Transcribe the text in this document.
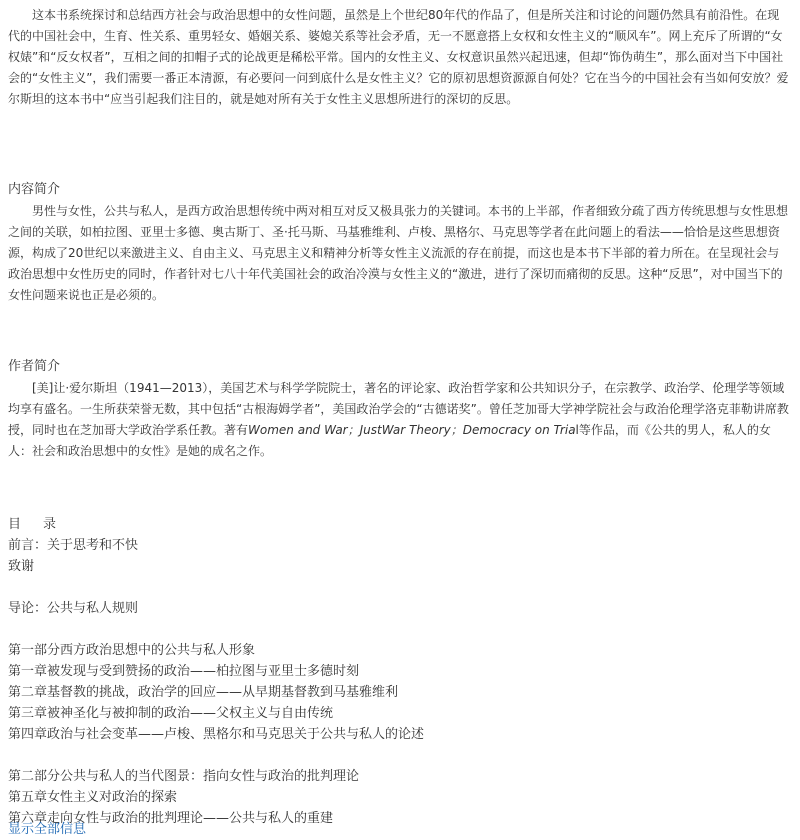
这本书系统探讨和总结西方社会与政治思想中的女性问题，虽然是上个世纪80年代的作品了，但是所关注和讨论的问题仍然具有前沿性。在现代的中国社会中，生育、性关系、重男轻女、婚姻关系、婆媳关系等社会矛盾，无一不愿意搭上女权和女性主义的“顺风车”。网上充斥了所谓的“女权婊”和“反女权者”，互相之间的扣帽子式的论战更是稀松平常。国内的女性主义、女权意识虽然兴起迅速，但却“饰伪萌生”，那么面对当下中国社会的“女性主义”，我们需要一番正本清源，有必要问一问到底什么是女性主义？它的原初思想资源源自何处？它在当今的中国社会有当如何安放？爱尔斯坦的这本书中“应当引起我们注目的，就是她对所有关于女性主义思想所进行的深切的反思。

内容简介

男性与女性，公共与私人，是西方政治思想传统中两对相互对反又极具张力的关键词。本书的上半部，作者细致分疏了西方传统思想与女性思想之间的关联，如柏拉图、亚里士多德、奥古斯丁、圣·托马斯、马基雅维利、卢梭、黑格尔、马克思等学者在此问题上的看法——恰恰是这些思想资源，构成了20世纪以来激进主义、自由主义、马克思主义和精神分析等女性主义流派的存在前提，而这也是本书下半部的着力所在。在呈现社会与政治思想中女性历史的同时，作者针对七八十年代美国社会的政治冷漠与女性主义的“激进，进行了深切而痛彻的反思。这种“反思”，对中国当下的女性问题来说也正是必须的。

作者简介

[美]让·爱尔斯坦（1941—2013），美国艺术与科学学院院士，著名的评论家、政治哲学家和公共知识分子，在宗教学、政治学、伦理学等领域均享有盛名。一生所获荣誉无数，其中包括“古根海姆学者”，美国政治学会的“古德诺奖”。曾任芝加哥大学神学院社会与政治伦理学洛克菲勒讲席教授，同时也在芝加哥大学政治学系任教。著有Women and War；JustWar Theory；Democracy on Trial等作品，而《公共的男人，私人的女人：社会和政治思想中的女性》是她的成名之作。

目 录
前言：关于思考和不快
致谢
导论：公共与私人规则
第一部分西方政治思想中的公共与私人形象
第一章被发现与受到赞扬的政治——柏拉图与亚里士多德时刻
第二章基督教的挑战，政治学的回应——从早期基督教到马基雅维利
第三章被神圣化与被抑制的政治——父权主义与自由传统
第四章政治与社会变革——卢梭、黑格尔和马克思关于公共与私人的论述
第二部分公共与私人的当代图景：指向女性与政治的批判理论
第五章女性主义对政治的探索
第六章走向女性与政治的批判理论——公共与私人的重建
显示全部信息
